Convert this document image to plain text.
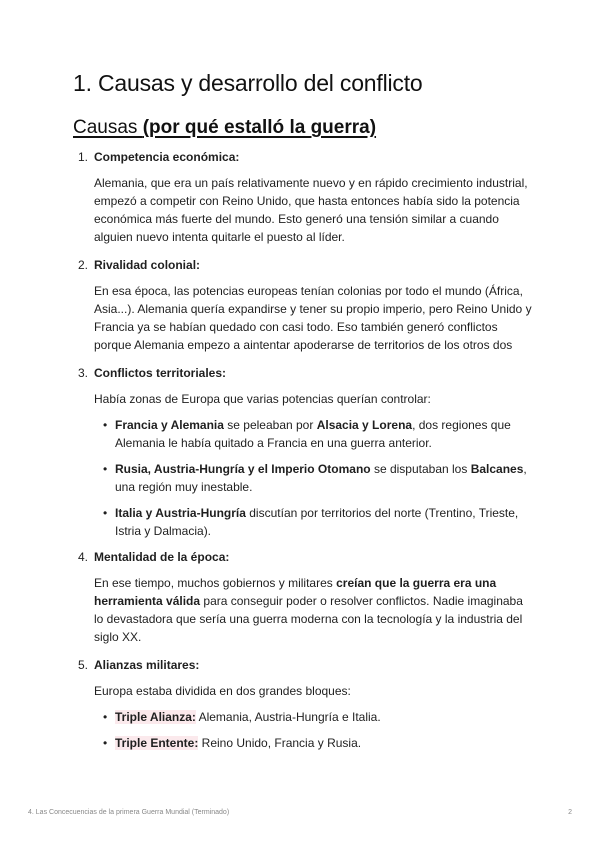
1. Causas y desarrollo del conflicto
Causas (por qué estalló la guerra)
1. Competencia económica:

Alemania, que era un país relativamente nuevo y en rápido crecimiento industrial, empezó a competir con Reino Unido, que hasta entonces había sido la potencia económica más fuerte del mundo. Esto generó una tensión similar a cuando alguien nuevo intenta quitarle el puesto al líder.

2. Rivalidad colonial:

En esa época, las potencias europeas tenían colonias por todo el mundo (África, Asia...). Alemania quería expandirse y tener su propio imperio, pero Reino Unido y Francia ya se habían quedado con casi todo. Eso también generó conflictos porque Alemania empezo a aintentar apoderarse de territorios de los otros dos

3. Conflictos territoriales:

Había zonas de Europa que varias potencias querían controlar:

• Francia y Alemania se peleaban por Alsacia y Lorena, dos regiones que Alemania le había quitado a Francia en una guerra anterior.
• Rusia, Austria-Hungría y el Imperio Otomano se disputaban los Balcanes, una región muy inestable.
• Italia y Austria-Hungría discutían por territorios del norte (Trentino, Trieste, Istria y Dalmacia).
4. Mentalidad de la época:

En ese tiempo, muchos gobiernos y militares creían que la guerra era una herramienta válida para conseguir poder o resolver conflictos. Nadie imaginaba lo devastadora que sería una guerra moderna con la tecnología y la industria del siglo XX.

5. Alianzas militares:

Europa estaba dividida en dos grandes bloques:

• Triple Alianza: Alemania, Austria-Hungría e Italia.
• Triple Entente: Reino Unido, Francia y Rusia.
4. Las Concecuencias de la primera Guerra Mundial (Terminado)	2
